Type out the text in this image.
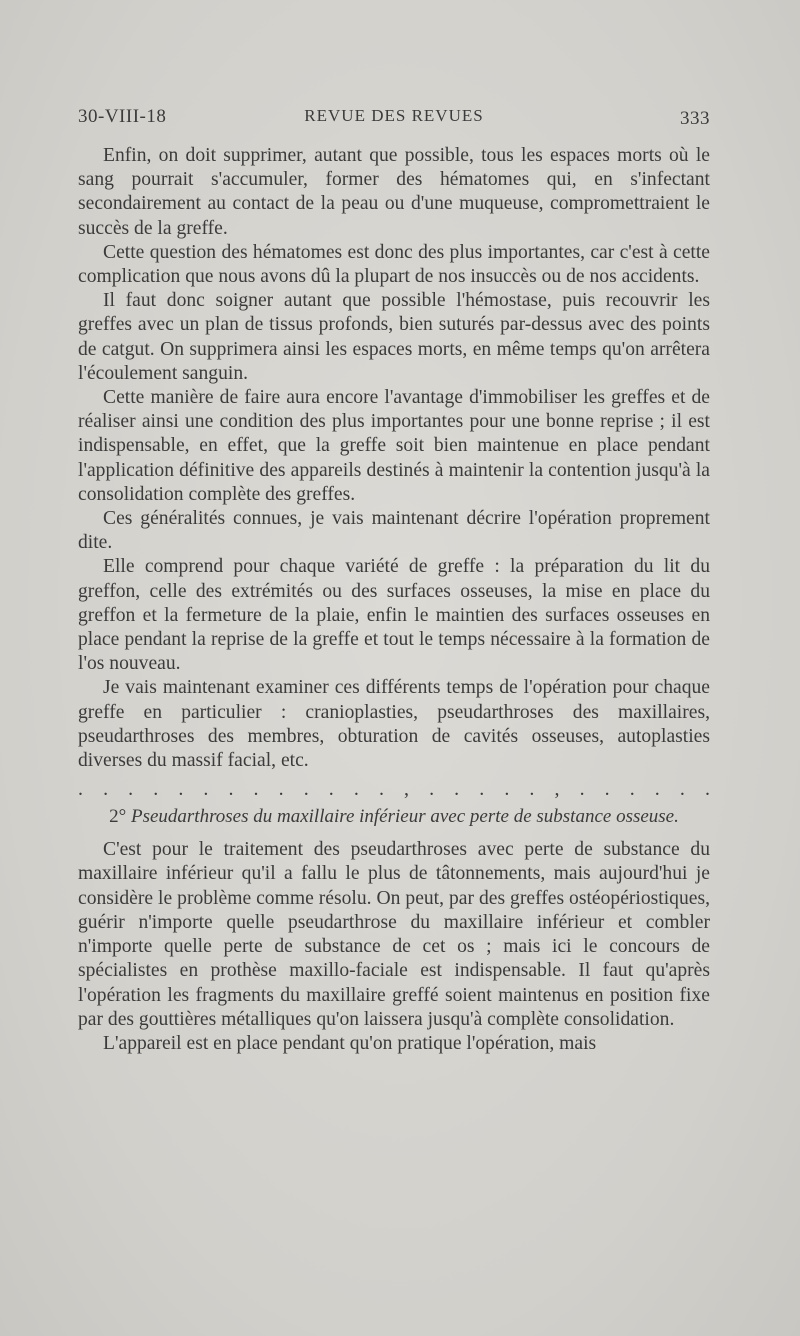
30-VIII-18	REVUE DES REVUES	333

Enfin, on doit supprimer, autant que possible, tous les espaces morts où le sang pourrait s'accumuler, former des hématomes qui, en s'infectant secondairement au contact de la peau ou d'une muqueuse, compromettraient le succès de la greffe.

Cette question des hématomes est donc des plus importantes, car c'est à cette complication que nous avons dû la plupart de nos insuccès ou de nos accidents.

Il faut donc soigner autant que possible l'hémostase, puis recouvrir les greffes avec un plan de tissus profonds, bien suturés par-dessus avec des points de catgut. On supprimera ainsi les espaces morts, en même temps qu'on arrêtera l'écoulement sanguin.

Cette manière de faire aura encore l'avantage d'immobiliser les greffes et de réaliser ainsi une condition des plus importantes pour une bonne reprise ; il est indispensable, en effet, que la greffe soit bien maintenue en place pendant l'application définitive des appareils destinés à maintenir la contention jusqu'à la consolidation complète des greffes.

Ces généralités connues, je vais maintenant décrire l'opération proprement dite.

Elle comprend pour chaque variété de greffe : la préparation du lit du greffon, celle des extrémités ou des surfaces osseuses, la mise en place du greffon et la fermeture de la plaie, enfin le maintien des surfaces osseuses en place pendant la reprise de la greffe et tout le temps nécessaire à la formation de l'os nouveau.

Je vais maintenant examiner ces différents temps de l'opération pour chaque greffe en particulier : cranioplasties, pseudarthroses des maxillaires, pseudarthroses des membres, obturation de cavités osseuses, autoplasties diverses du massif facial, etc.

. . . . . . . . . . . . . , . . . . . , . . . . . .
2° Pseudarthroses du maxillaire inférieur avec perte de substance osseuse.

C'est pour le traitement des pseudarthroses avec perte de substance du maxillaire inférieur qu'il a fallu le plus de tâtonnements, mais aujourd'hui je considère le problème comme résolu. On peut, par des greffes ostéopériostiques, guérir n'importe quelle pseudarthrose du maxillaire inférieur et combler n'importe quelle perte de substance de cet os ; mais ici le concours de spécialistes en prothèse maxillo-faciale est indispensable. Il faut qu'après l'opération les fragments du maxillaire greffé soient maintenus en position fixe par des gouttières métalliques qu'on laissera jusqu'à complète consolidation.

L'appareil est en place pendant qu'on pratique l'opération, mais
